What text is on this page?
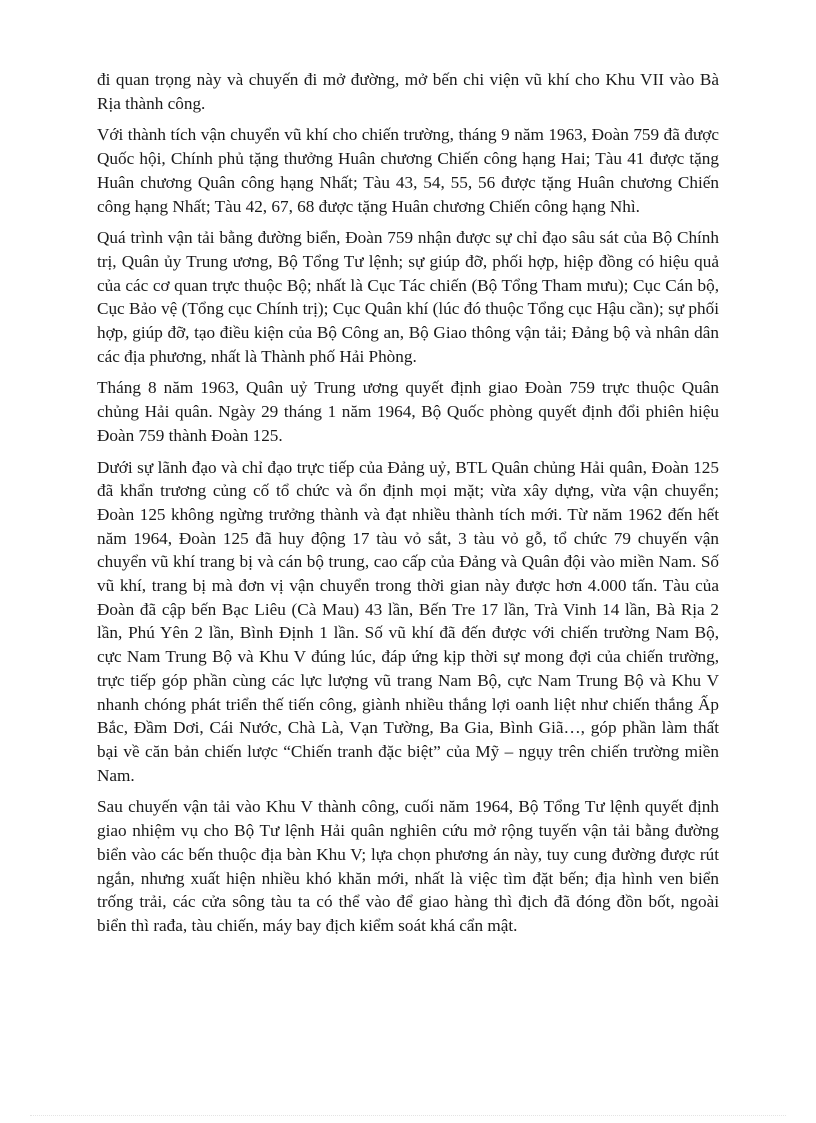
đi quan trọng này và chuyến đi mở đường, mở bến chi viện vũ khí cho Khu VII vào Bà Rịa thành công.

Với thành tích vận chuyển vũ khí cho chiến trường, tháng 9 năm 1963, Đoàn 759 đã được Quốc hội, Chính phủ tặng thưởng Huân chương Chiến công hạng Hai; Tàu 41 được tặng Huân chương Quân công hạng Nhất; Tàu 43, 54, 55, 56 được tặng Huân chương Chiến công hạng Nhất; Tàu 42, 67, 68 được tặng Huân chương Chiến công hạng Nhì.

Quá trình vận tải bằng đường biển, Đoàn 759 nhận được sự chỉ đạo sâu sát của Bộ Chính trị, Quân ủy Trung ương, Bộ Tổng Tư lệnh; sự giúp đỡ, phối hợp, hiệp đồng có hiệu quả của các cơ quan trực thuộc Bộ; nhất là Cục Tác chiến (Bộ Tổng Tham mưu); Cục Cán bộ, Cục Bảo vệ (Tổng cục Chính trị); Cục Quân khí (lúc đó thuộc Tổng cục Hậu cần); sự phối hợp, giúp đỡ, tạo điều kiện của Bộ Công an, Bộ Giao thông vận tải; Đảng bộ và nhân dân các địa phương, nhất là Thành phố Hải Phòng.

Tháng 8 năm 1963, Quân uỷ Trung ương quyết định giao Đoàn 759 trực thuộc Quân chủng Hải quân. Ngày 29 tháng 1 năm 1964, Bộ Quốc phòng quyết định đổi phiên hiệu Đoàn 759 thành Đoàn 125.

Dưới sự lãnh đạo và chỉ đạo trực tiếp của Đảng uỷ, BTL Quân chủng Hải quân, Đoàn 125 đã khẩn trương củng cố tổ chức và ổn định mọi mặt; vừa xây dựng, vừa vận chuyển; Đoàn 125 không ngừng trưởng thành và đạt nhiều thành tích mới. Từ năm 1962 đến hết năm 1964, Đoàn 125 đã huy động 17 tàu vỏ sắt, 3 tàu vỏ gỗ, tổ chức 79 chuyến vận chuyển vũ khí trang bị và cán bộ trung, cao cấp của Đảng và Quân đội vào miền Nam. Số vũ khí, trang bị mà đơn vị vận chuyển trong thời gian này được hơn 4.000 tấn. Tàu của Đoàn đã cập bến Bạc Liêu (Cà Mau) 43 lần, Bến Tre 17 lần, Trà Vinh 14 lần, Bà Rịa 2 lần, Phú Yên 2 lần, Bình Định 1 lần. Số vũ khí đã đến được với chiến trường Nam Bộ, cực Nam Trung Bộ và Khu V đúng lúc, đáp ứng kịp thời sự mong đợi của chiến trường, trực tiếp góp phần cùng các lực lượng vũ trang Nam Bộ, cực Nam Trung Bộ và Khu V nhanh chóng phát triển thế tiến công, giành nhiều thắng lợi oanh liệt như chiến thắng Ấp Bắc, Đầm Dơi, Cái Nước, Chà Là, Vạn Tường, Ba Gia, Bình Giã…, góp phần làm thất bại về căn bản chiến lược “Chiến tranh đặc biệt” của Mỹ – ngụy trên chiến trường miền Nam.

Sau chuyến vận tải vào Khu V thành công, cuối năm 1964, Bộ Tổng Tư lệnh quyết định giao nhiệm vụ cho Bộ Tư lệnh Hải quân nghiên cứu mở rộng tuyến vận tải bằng đường biển vào các bến thuộc địa bàn Khu V; lựa chọn phương án này, tuy cung đường được rút ngắn, nhưng xuất hiện nhiều khó khăn mới, nhất là việc tìm đặt bến; địa hình ven biển trống trải, các cửa sông tàu ta có thể vào để giao hàng thì địch đã đóng đồn bốt, ngoài biển thì rađa, tàu chiến, máy bay địch kiểm soát khá cẩn mật.
